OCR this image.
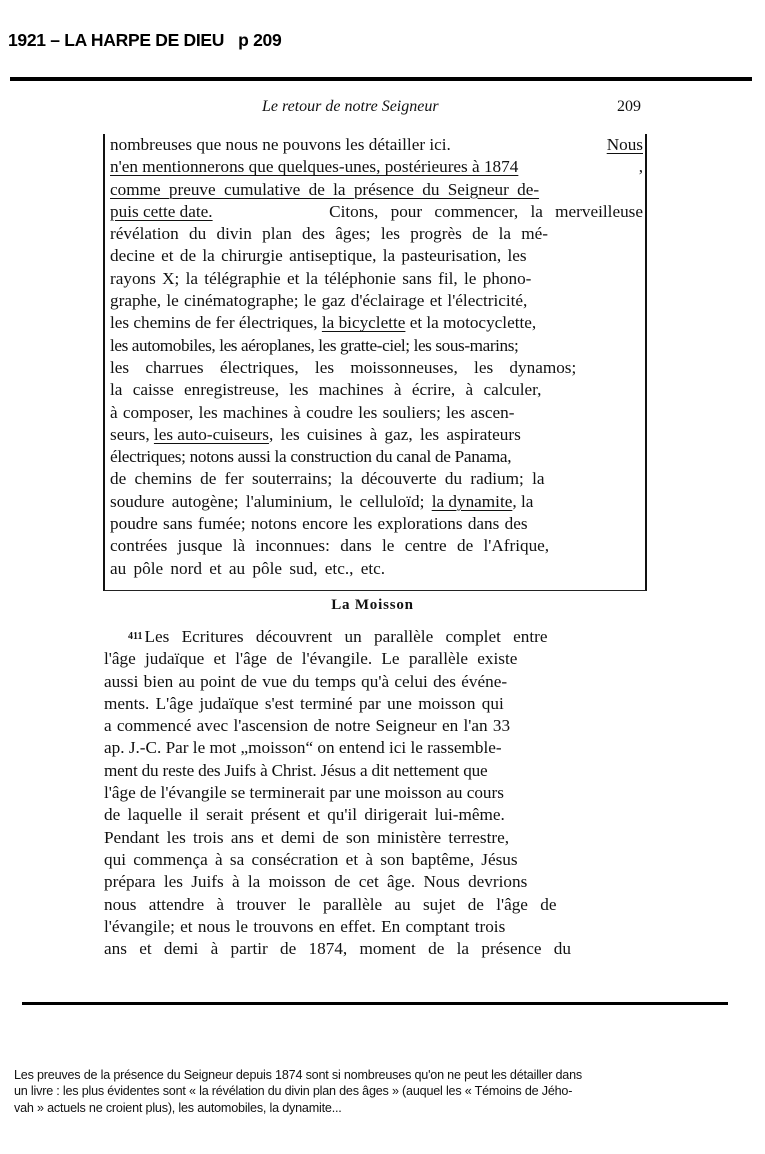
1921 – LA HARPE DE DIEU p 209
Le retour de notre Seigneur	209
nombreuses que nous ne pouvons les détailler ici.	Nous
n'en mentionnerons que quelques-unes, postérieures à 1874	,
comme preuve cumulative de la présence du Seigneur de-
puis cette date.	Citons, pour commencer, la merveilleuse
révélation du divin plan des âges; les progrès de la mé-
decine et de la chirurgie antiseptique, la pasteurisation, les
rayons X; la télégraphie et la téléphonie sans fil, le phono-
graphe, le cinématographe; le gaz d'éclairage et l'électricité,
les chemins de fer électriques, la bicyclette et la motocyclette,
les automobiles, les aéroplanes, les gratte-ciel; les sous-marins;
les charrues électriques, les moissonneuses, les dynamos;
la caisse enregistreuse, les machines à écrire, à calculer,
à composer, les machines à coudre les souliers; les ascen-
seurs, les auto-cuiseurs , les cuisines à gaz, les aspirateurs
électriques; notons aussi la construction du canal de Panama,
de chemins de fer souterrains; la découverte du radium; la
soudure autogène; l'aluminium, le celluloïd; la dynamite , la
poudre sans fumée; notons encore les explorations dans des
contrées jusque là inconnues: dans le centre de l'Afrique,
au pôle nord et au pôle sud, etc., etc.
La Moisson
411 Les Ecritures découvrent un parallèle complet entre
l'âge judaïque et l'âge de l'évangile. Le parallèle existe
aussi bien au point de vue du temps qu'à celui des événe-
ments. L'âge judaïque s'est terminé par une moisson qui
a commencé avec l'ascension de notre Seigneur en l'an 33
ap. J.-C. Par le mot „moisson“ on entend ici le rassemble-
ment du reste des Juifs à Christ. Jésus a dit nettement que
l'âge de l'évangile se terminerait par une moisson au cours
de laquelle il serait présent et qu'il dirigerait lui-même.
Pendant les trois ans et demi de son ministère terrestre,
qui commença à sa consécration et à son baptême, Jésus
prépara les Juifs à la moisson de cet âge. Nous devrions
nous attendre à trouver le parallèle au sujet de l'âge de
l'évangile; et nous le trouvons en effet. En comptant trois
ans et demi à partir de 1874, moment de la présence du
Les preuves de la présence du Seigneur depuis 1874 sont si nombreuses qu'on ne peut les détailler dans
un livre : les plus évidentes sont « la révélation du divin plan des âges » (auquel les « Témoins de Jého-
vah » actuels ne croient plus), les automobiles, la dynamite...
